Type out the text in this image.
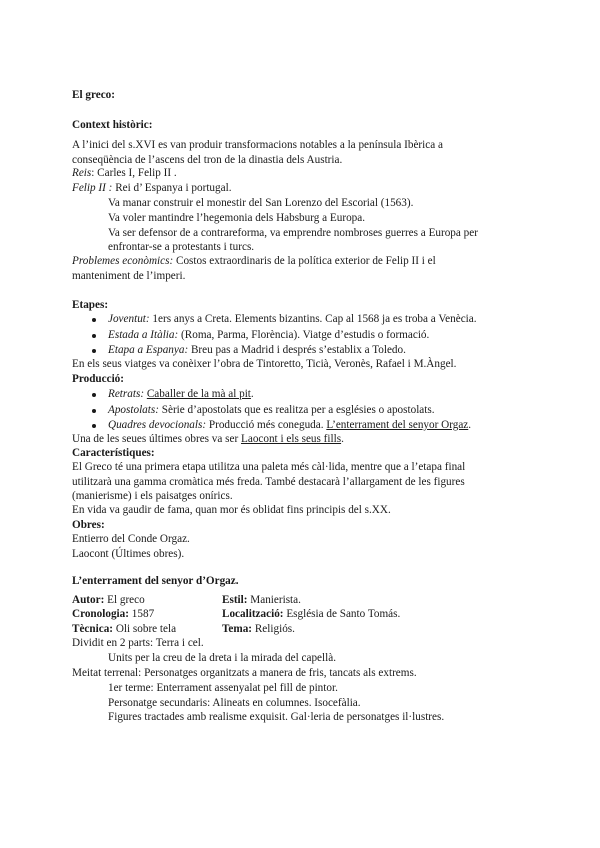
El greco:
Context històric:
A l’inici del s.XVI es van produir transformacions notables a la península Ibèrica a
conseqüència de l’ascens del tron de la dinastia dels Austria.
Reis: Carles I, Felip II .
Felip II : Rei d’ Espanya i portugal.
Va manar construir el monestir del San Lorenzo del Escorial (1563).
Va voler mantindre l’hegemonia dels Habsburg a Europa.
Va ser defensor de a contrareforma, va emprendre nombroses guerres a Europa per
enfrontar-se a protestants i turcs.
Problemes econòmics: Costos extraordinaris de la política exterior de Felip II i el
manteniment de l’imperi.
Etapes:
Joventut: 1ers anys a Creta. Elements bizantins. Cap al 1568 ja es troba a Venècia.
Estada a Itàlia: (Roma, Parma, Florència). Viatge d’estudis o formació.
Etapa a Espanya: Breu pas a Madrid i després s’establix a Toledo.
En els seus viatges va conèixer l’obra de Tintoretto, Ticià, Veronès, Rafael i M.Àngel.
Producció:
Retrats: Caballer de la mà al pit.
Apostolats: Sèrie d’apostolats que es realitza per a esglésies o apostolats.
Quadres devocionals: Producció més coneguda. L’enterrament del senyor Orgaz.
Una de les seues últimes obres va ser Laocont i els seus fills.
Característiques:
El Greco té una primera etapa utilitza una paleta més càl·lida, mentre que a l’etapa final
utilitzarà una gamma cromàtica més freda. També destacarà l’allargament de les figures
(manierisme) i els paisatges onírics.
En vida va gaudir de fama, quan mor és oblidat fins principis del s.XX.
Obres:
Entierro del Conde Orgaz.
Laocont (Últimes obres).
L’enterrament del senyor d’Orgaz.
Autor: El greco	Estil: Manierista.
Cronologia: 1587	Localització: Església de Santo Tomás.
Tècnica: Oli sobre tela	Tema: Religiós.
Dividit en 2 parts: Terra i cel.
Units per la creu de la dreta i la mirada del capellà.
Meitat terrenal: Personatges organitzats a manera de fris, tancats als extrems.
1er terme: Enterrament assenyalat pel fill de pintor.
Personatge secundaris: Alineats en columnes. Isocefàlia.
Figures tractades amb realisme exquisit. Gal·leria de personatges il·lustres.
